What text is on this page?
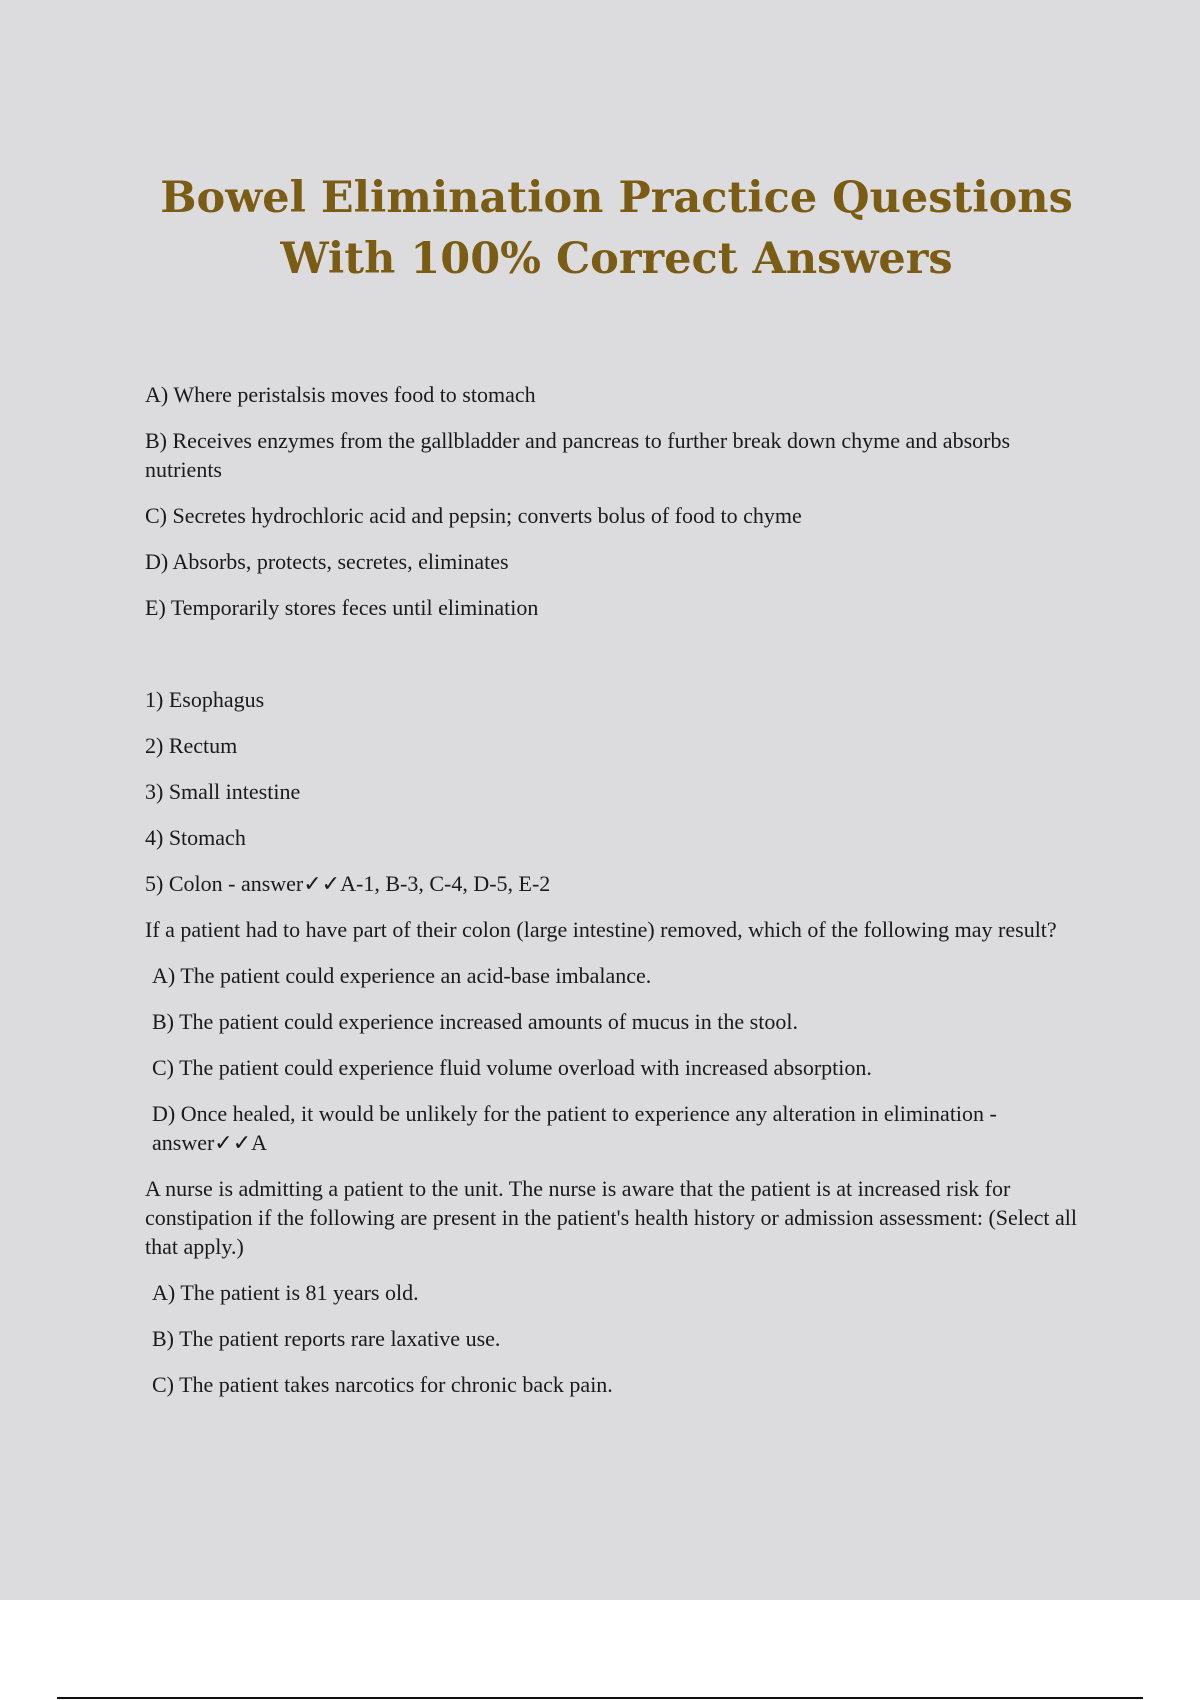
Bowel Elimination Practice Questions With 100% Correct Answers

A) Where peristalsis moves food to stomach

B) Receives enzymes from the gallbladder and pancreas to further break down chyme and absorbs nutrients

C) Secretes hydrochloric acid and pepsin; converts bolus of food to chyme

D) Absorbs, protects, secretes, eliminates

E) Temporarily stores feces until elimination

1) Esophagus

2) Rectum

3) Small intestine

4) Stomach

5) Colon - answer✓✓A-1, B-3, C-4, D-5, E-2

If a patient had to have part of their colon (large intestine) removed, which of the following may result?

A) The patient could experience an acid-base imbalance.

B) The patient could experience increased amounts of mucus in the stool.

C) The patient could experience fluid volume overload with increased absorption.

D) Once healed, it would be unlikely for the patient to experience any alteration in elimination - answer✓✓A

A nurse is admitting a patient to the unit. The nurse is aware that the patient is at increased risk for constipation if the following are present in the patient's health history or admission assessment: (Select all that apply.)

A) The patient is 81 years old.

B) The patient reports rare laxative use.

C) The patient takes narcotics for chronic back pain.
